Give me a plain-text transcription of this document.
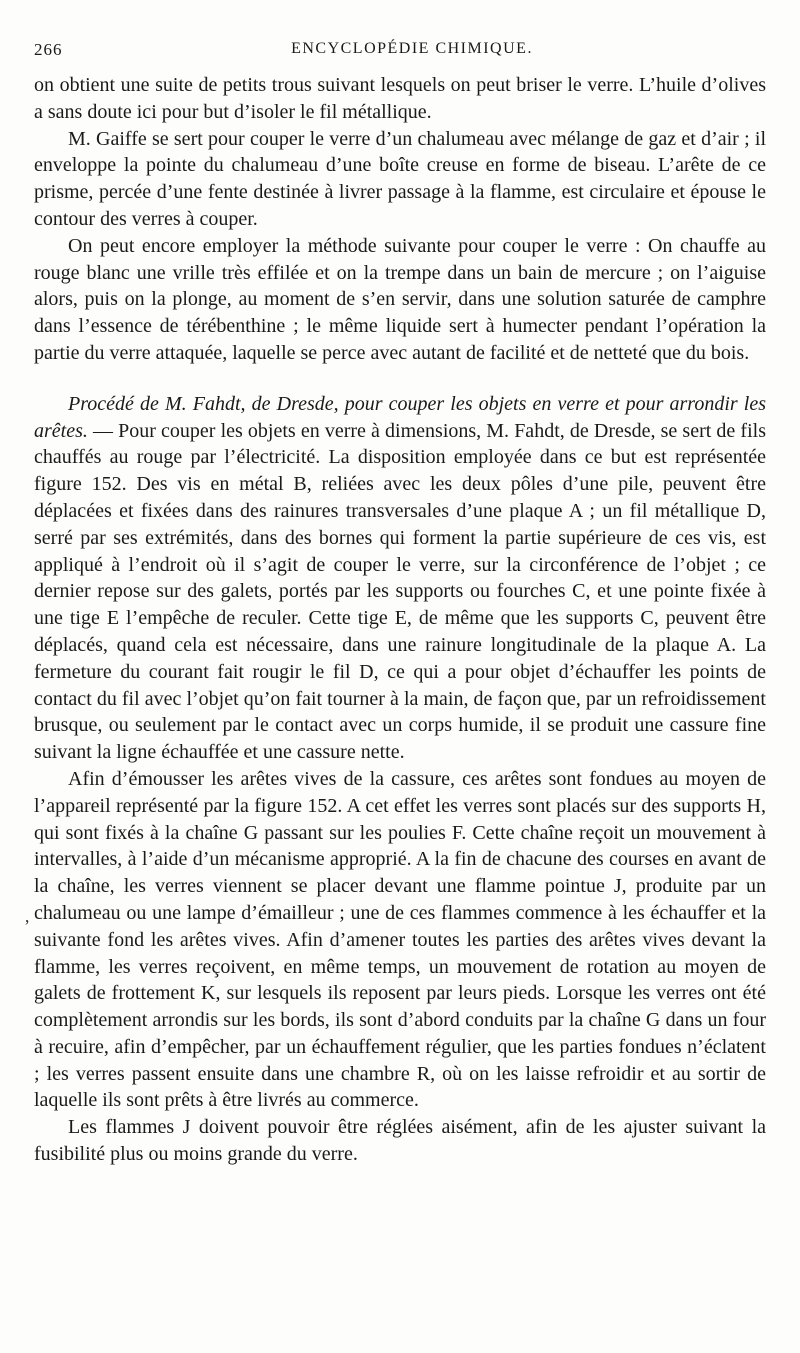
266	ENCYCLOPÉDIE CHIMIQUE.
’

on obtient une suite de petits trous suivant lesquels on peut briser le verre. L’huile d’olives a sans doute ici pour but d’isoler le fil métallique.

M. Gaiffe se sert pour couper le verre d’un chalumeau avec mélange de gaz et d’air ; il enveloppe la pointe du chalumeau d’une boîte creuse en forme de biseau. L’arête de ce prisme, percée d’une fente destinée à livrer passage à la flamme, est circulaire et épouse le contour des verres à couper.

On peut encore employer la méthode suivante pour couper le verre : On chauffe au rouge blanc une vrille très effilée et on la trempe dans un bain de mercure ; on l’aiguise alors, puis on la plonge, au moment de s’en servir, dans une solution saturée de camphre dans l’essence de térébenthine ; le même liquide sert à humecter pendant l’opération la partie du verre attaquée, laquelle se perce avec autant de facilité et de netteté que du bois.

Procédé de M. Fahdt, de Dresde, pour couper les objets en verre et pour arrondir les arêtes. — Pour couper les objets en verre à dimensions, M. Fahdt, de Dresde, se sert de fils chauffés au rouge par l’électricité. La disposition employée dans ce but est représentée figure 152. Des vis en métal B, reliées avec les deux pôles d’une pile, peuvent être déplacées et fixées dans des rainures transversales d’une plaque A ; un fil métallique D, serré par ses extrémités, dans des bornes qui forment la partie supérieure de ces vis, est appliqué à l’endroit où il s’agit de couper le verre, sur la circonférence de l’objet ; ce dernier repose sur des galets, portés par les supports ou fourches C, et une pointe fixée à une tige E l’empêche de reculer. Cette tige E, de même que les supports C, peuvent être déplacés, quand cela est nécessaire, dans une rainure longitudinale de la plaque A. La fermeture du courant fait rougir le fil D, ce qui a pour objet d’échauffer les points de contact du fil avec l’objet qu’on fait tourner à la main, de façon que, par un refroidissement brusque, ou seulement par le contact avec un corps humide, il se produit une cassure fine suivant la ligne échauffée et une cassure nette.

Afin d’émousser les arêtes vives de la cassure, ces arêtes sont fondues au moyen de l’appareil représenté par la figure 152. A cet effet les verres sont placés sur des supports H, qui sont fixés à la chaîne G passant sur les poulies F. Cette chaîne reçoit un mouvement à intervalles, à l’aide d’un mécanisme approprié. A la fin de chacune des courses en avant de la chaîne, les verres viennent se placer devant une flamme pointue J, produite par un chalumeau ou une lampe d’émailleur ; une de ces flammes commence à les échauffer et la suivante fond les arêtes vives. Afin d’amener toutes les parties des arêtes vives devant la flamme, les verres reçoivent, en même temps, un mouvement de rotation au moyen de galets de frottement K, sur lesquels ils reposent par leurs pieds. Lorsque les verres ont été complètement arrondis sur les bords, ils sont d’abord conduits par la chaîne G dans un four à recuire, afin d’empêcher, par un échauffement régulier, que les parties fondues n’éclatent ; les verres passent ensuite dans une chambre R, où on les laisse refroidir et au sortir de laquelle ils sont prêts à être livrés au commerce.

Les flammes J doivent pouvoir être réglées aisément, afin de les ajuster suivant la fusibilité plus ou moins grande du verre.
